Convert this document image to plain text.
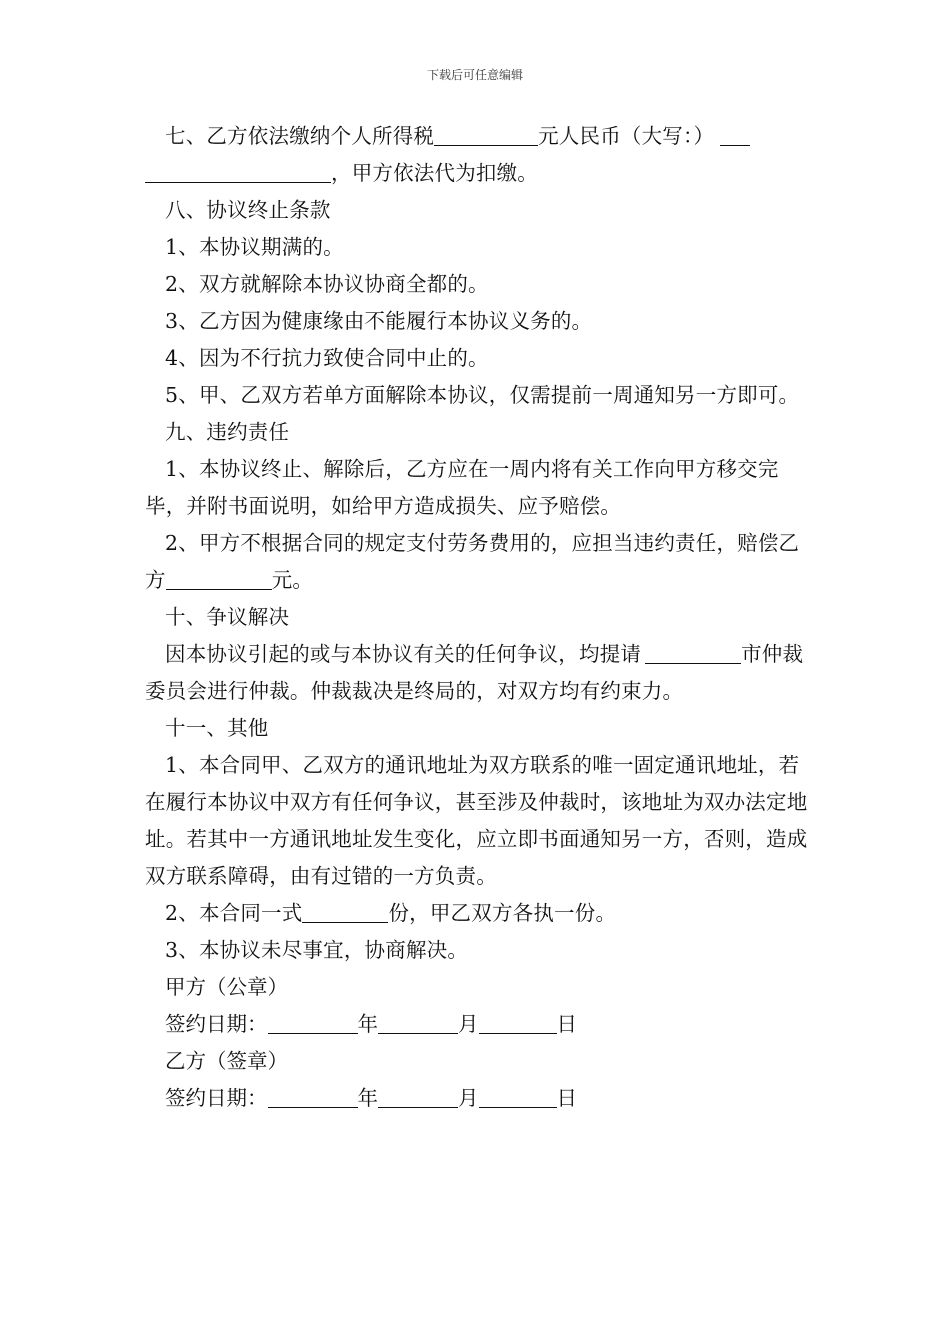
下载后可任意编辑

七、乙方依法缴纳个人所得税	元人民币（大写：），甲方依法代为扣缴。

八、协议终止条款

1、本协议期满的。

2、双方就解除本协议协商全都的。

3、乙方因为健康缘由不能履行本协议义务的。

4、因为不行抗力致使合同中止的。

5、甲、乙双方若单方面解除本协议，仅需提前一周通知另一方即可。

九、违约责任

1、本协议终止、解除后，乙方应在一周内将有关工作向甲方移交完毕，并附书面说明，如给甲方造成损失、应予赔偿。

2、甲方不根据合同的规定支付劳务费用的，应担当违约责任，赔偿乙方	元。

十、争议解决

因本协议引起的或与本协议有关的任何争议，均提请	市仲裁委员会进行仲裁。仲裁裁决是终局的，对双方均有约束力。

十一、其他

1、本合同甲、乙双方的通讯地址为双方联系的唯一固定通讯地址，若在履行本协议中双方有任何争议，甚至涉及仲裁时，该地址为双办法定地址。若其中一方通讯地址发生变化，应立即书面通知另一方，否则，造成双方联系障碍，由有过错的一方负责。

2、本合同一式	份，甲乙双方各执一份。

3、本协议未尽事宜，协商解决。

甲方（公章）

签约日期：	年	月	日

乙方（签章）

签约日期：	年	月	日
